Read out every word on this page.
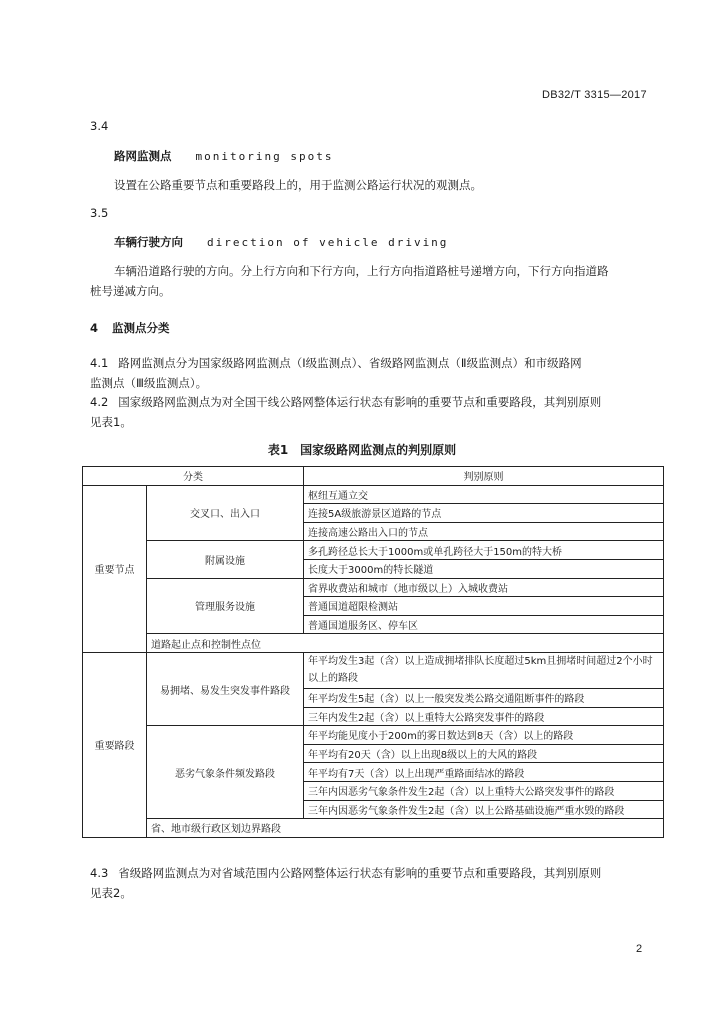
DB32/T 3315—2017
3.4
路网监测点 monitoring spots
设置在公路重要节点和重要路段上的，用于监测公路运行状况的观测点。
3.5
车辆行驶方向 direction of vehicle driving
车辆沿道路行驶的方向。分上行方向和下行方向，上行方向指道路桩号递增方向，下行方向指道路
桩号递减方向。
4 监测点分类
4.1 路网监测点分为国家级路网监测点（Ⅰ级监测点）、省级路网监测点（Ⅱ级监测点）和市级路网
监测点（Ⅲ级监测点）。
4.2 国家级路网监测点为对全国干线公路网整体运行状态有影响的重要节点和重要路段，其判别原则
见表1。
表1　国家级路网监测点的判别原则
分类		判别原则
重要节点	交叉口、出入口	枢纽互通立交
		连接5A级旅游景区道路的节点
		连接高速公路出入口的节点
	附属设施	多孔跨径总长大于1000m或单孔跨径大于150m的特大桥
		长度大于3000m的特长隧道
	管理服务设施	省界收费站和城市（地市级以上）入城收费站
		普通国道超限检测站
		普通国道服务区、停车区
	道路起止点和控制性点位	
重要路段	易拥堵、易发生突发事件路段	年平均发生3起（含）以上造成拥堵排队长度超过5km且拥堵时间超过2个小时以上的路段
		年平均发生5起（含）以上一般突发类公路交通阻断事件的路段
		三年内发生2起（含）以上重特大公路突发事件的路段
	恶劣气象条件频发路段	年平均能见度小于200m的雾日数达到8天（含）以上的路段
		年平均有20天（含）以上出现8级以上的大风的路段
		年平均有7天（含）以上出现严重路面结冰的路段
		三年内因恶劣气象条件发生2起（含）以上重特大公路突发事件的路段
		三年内因恶劣气象条件发生2起（含）以上公路基础设施严重水毁的路段
	省、地市级行政区划边界路段	
4.3 省级路网监测点为对省域范围内公路网整体运行状态有影响的重要节点和重要路段，其判别原则
见表2。
2
